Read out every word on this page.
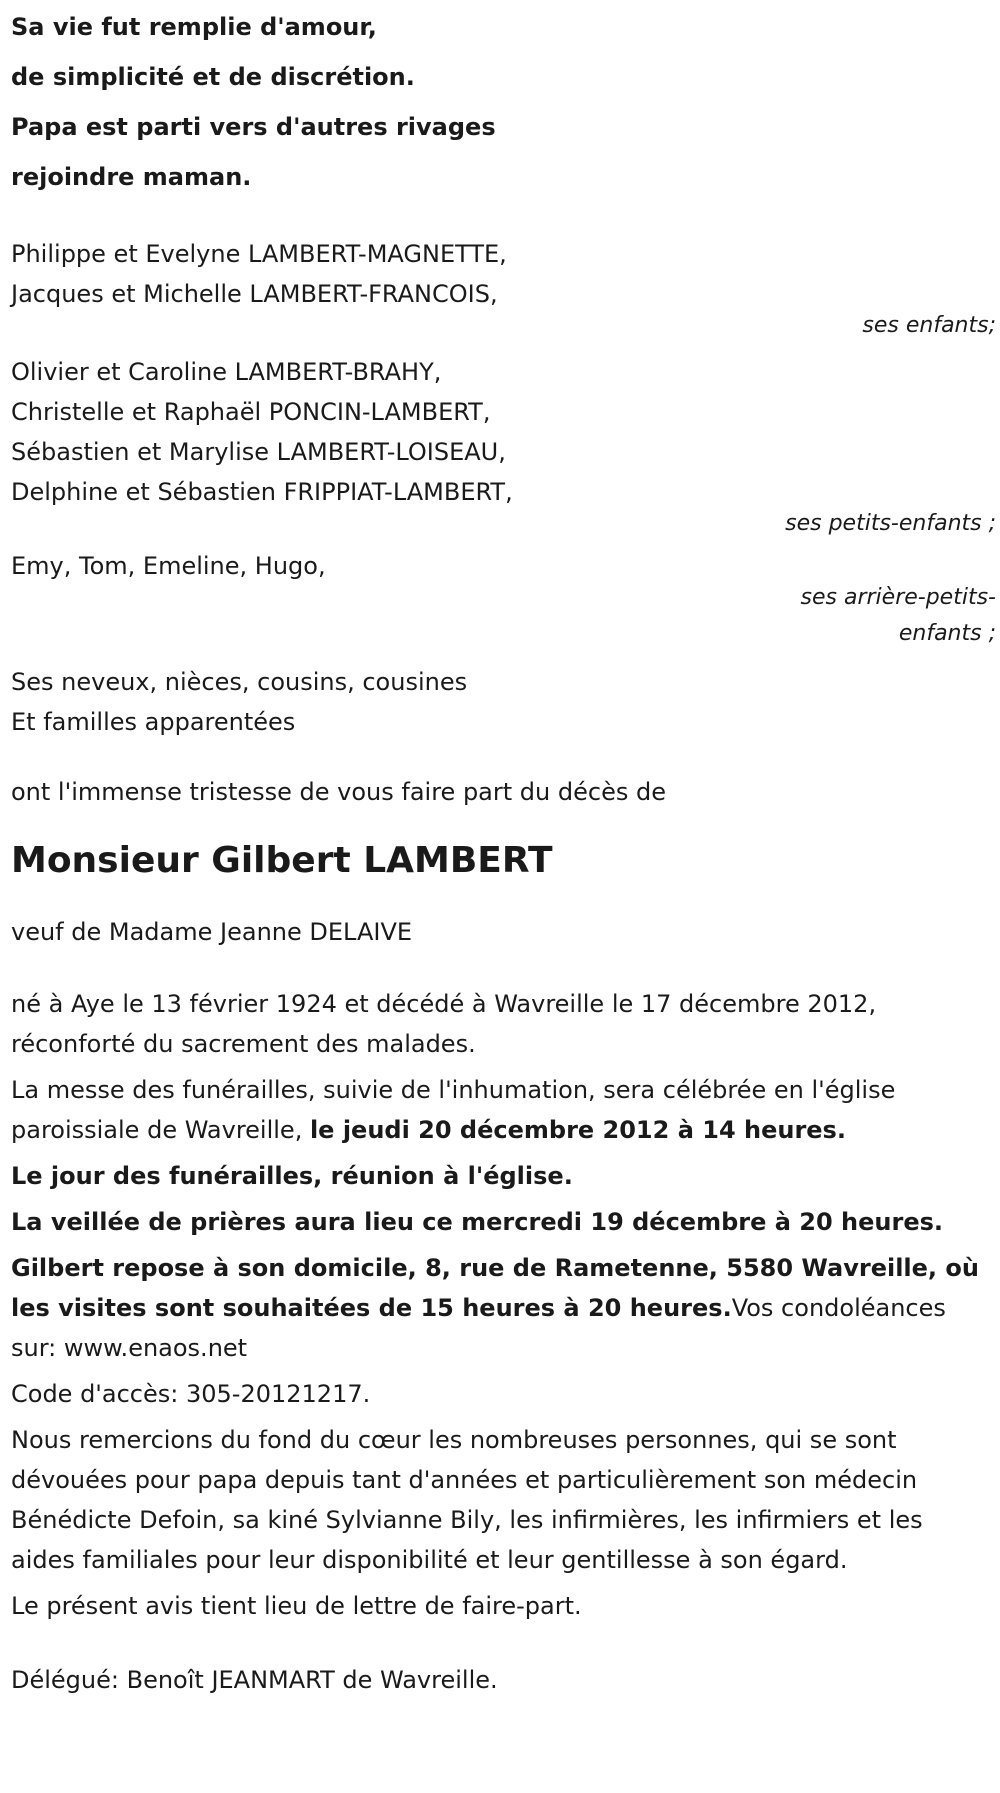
Sa vie fut remplie d'amour,

de simplicité et de discrétion.

Papa est parti vers d'autres rivages

rejoindre maman.

Philippe et Evelyne LAMBERT-MAGNETTE,

Jacques et Michelle LAMBERT-FRANCOIS,

ses enfants;

Olivier et Caroline LAMBERT-BRAHY,

Christelle et Raphaël PONCIN-LAMBERT,

Sébastien et Marylise LAMBERT-LOISEAU,

Delphine et Sébastien FRIPPIAT-LAMBERT,

ses petits-enfants ;

Emy, Tom, Emeline, Hugo,

ses arrière-petits-

enfants ;

Ses neveux, nièces, cousins, cousines

Et familles apparentées

ont l'immense tristesse de vous faire part du décès de

Monsieur Gilbert LAMBERT

veuf de Madame Jeanne DELAIVE

né à Aye le 13 février 1924 et décédé à Wavreille le 17 décembre 2012, réconforté du sacrement des malades.

La messe des funérailles, suivie de l'inhumation, sera célébrée en l'église paroissiale de Wavreille, le jeudi 20 décembre 2012 à 14 heures.

Le jour des funérailles, réunion à l'église.

La veillée de prières aura lieu ce mercredi 19 décembre à 20 heures.

Gilbert repose à son domicile, 8, rue de Rametenne, 5580 Wavreille, où les visites sont souhaitées de 15 heures à 20 heures.Vos condoléances sur: www.enaos.net

Code d'accès: 305-20121217.

Nous remercions du fond du cœur les nombreuses personnes, qui se sont dévouées pour papa depuis tant d'années et particulièrement son médecin Bénédicte Defoin, sa kiné Sylvianne Bily, les infirmières, les infirmiers et les aides familiales pour leur disponibilité et leur gentillesse à son égard.

Le présent avis tient lieu de lettre de faire-part.

Délégué: Benoît JEANMART de Wavreille.
